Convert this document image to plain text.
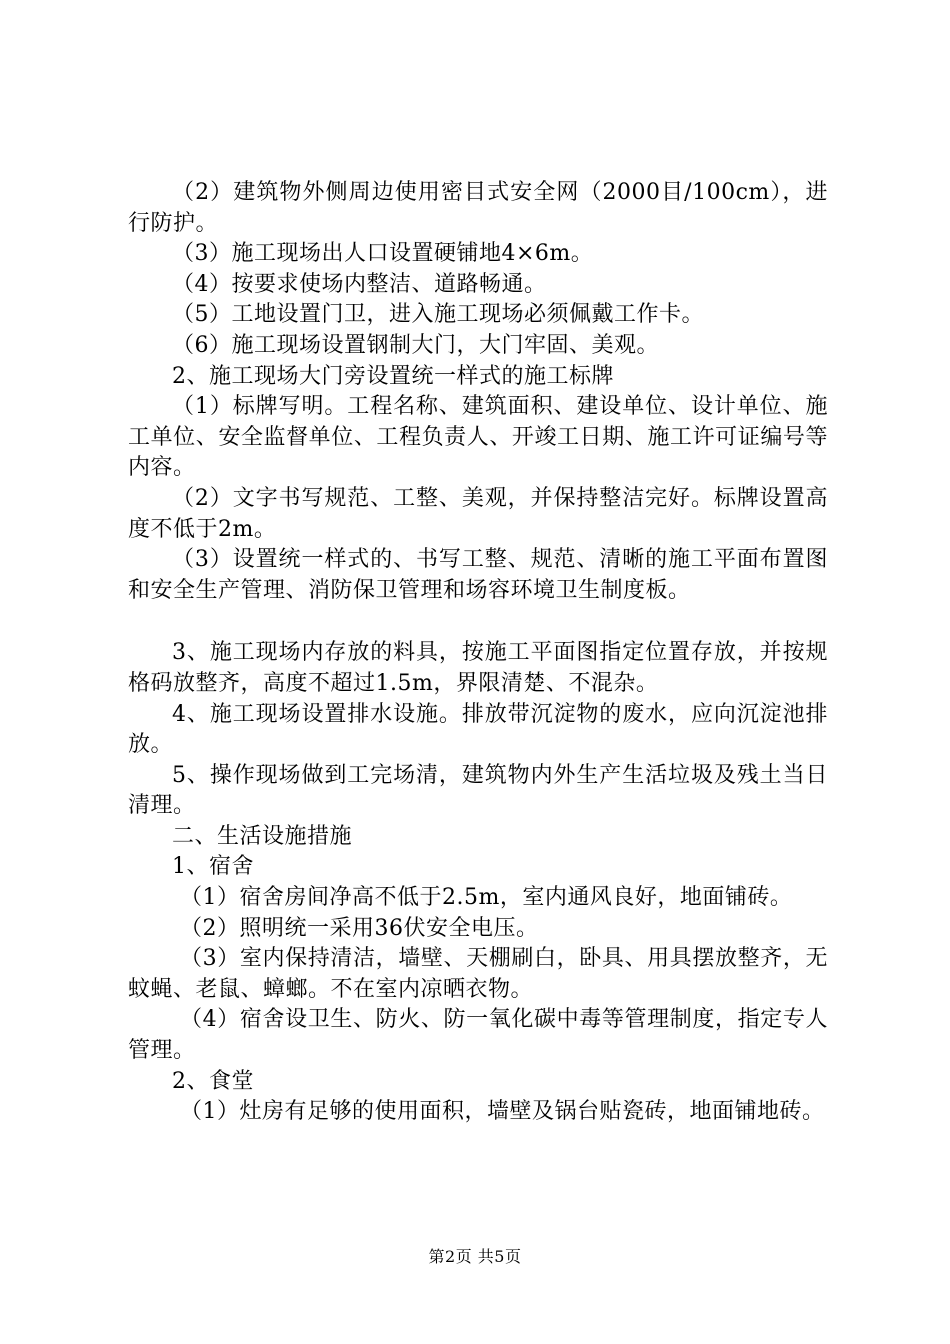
（2）建筑物外侧周边使用密目式安全网（2000目/100cm），进行防护。

（3）施工现场出人口设置硬铺地4×6m。

（4）按要求使场内整洁、道路畅通。

（5）工地设置门卫，进入施工现场必须佩戴工作卡。

（6）施工现场设置钢制大门，大门牢固、美观。

2、施工现场大门旁设置统一样式的施工标牌

（1）标牌写明。工程名称、建筑面积、建设单位、设计单位、施工单位、安全监督单位、工程负责人、开竣工日期、施工许可证编号等内容。

（2）文字书写规范、工整、美观，并保持整洁完好。标牌设置高度不低于2m。

（3）设置统一样式的、书写工整、规范、清晰的施工平面布置图和安全生产管理、消防保卫管理和场容环境卫生制度板。

3、施工现场内存放的料具，按施工平面图指定位置存放，并按规格码放整齐，高度不超过1.5m，界限清楚、不混杂。

4、施工现场设置排水设施。排放带沉淀物的废水，应向沉淀池排放。

5、操作现场做到工完场清，建筑物内外生产生活垃圾及残土当日清理。

二、生活设施措施

1、宿舍

（1）宿舍房间净高不低于2.5m，室内通风良好，地面铺砖。

（2）照明统一采用36伏安全电压。

（3）室内保持清洁，墙壁、天棚刷白，卧具、用具摆放整齐，无蚊蝇、老鼠、蟑螂。不在室内凉晒衣物。

（4）宿舍设卫生、防火、防一氧化碳中毒等管理制度，指定专人管理。

2、食堂

（1）灶房有足够的使用面积，墙壁及锅台贴瓷砖，地面铺地砖。

第2页 共5页
